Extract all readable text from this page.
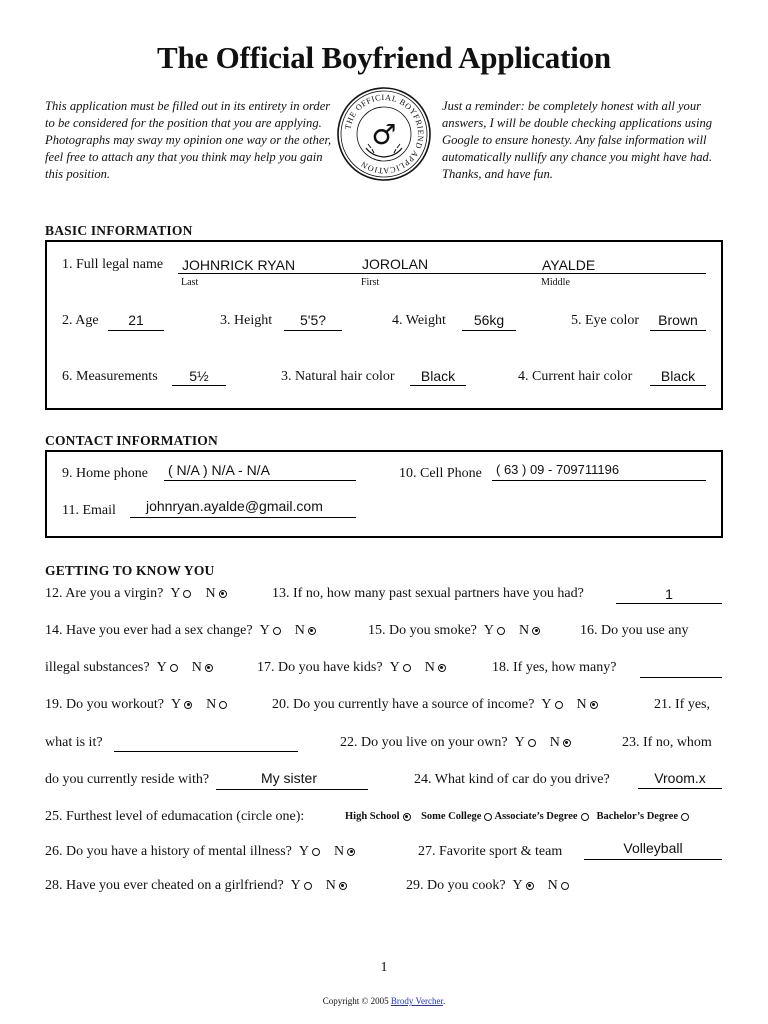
The Official Boyfriend Application
This application must be filled out in its entirety in order to be considered for the position that you are applying. Photographs may sway my opinion one way or the other, feel free to attach any that you think may help you gain this position.
THE OFFICIAL BOYFRIEND APPLICATION
♂
Just a reminder: be completely honest with all your answers, I will be double checking applications using Google to ensure honesty. Any false information will automatically nullify any chance you might have had. Thanks, and have fun.
BASIC INFORMATION
1. Full legal name JOHNRICK RYAN	JOROLAN	AYALDE
Last	First	Middle
2. Age	21	3. Height	5'5?	4. Weight	56kg	5. Eye color	Brown
6. Measurements	5½	3. Natural hair color	Black	4. Current hair color	Black
CONTACT INFORMATION
9. Home phone ( N/A ) N/A - N/A	10. Cell Phone ( 63 ) 09 - 709711196
11. Email johnryan.ayalde@gmail.com
GETTING TO KNOW YOU
12. Are you a virgin? Y N	13. If no, how many past sexual partners have you had?	1
14. Have you ever had a sex change? Y N	15. Do you smoke? Y N	16. Do you use any
illegal substances? Y N	17. Do you have kids? Y N	18. If yes, how many?
19. Do you workout? Y N	20. Do you currently have a source of income? Y N	21. If yes,
what is it?	22. Do you live on your own? Y N	23. If no, whom
do you currently reside with?	My sister	24. What kind of car do you drive?	Vroom.x
25. Furthest level of edumacation (circle one):	High School Some College Associate’s Degree Bachelor’s Degree
26. Do you have a history of mental illness? Y N	27. Favorite sport & team	Volleyball
28. Have you ever cheated on a girlfriend? Y N	29. Do you cook? Y N
1
Copyright © 2005 Brody Vercher.
